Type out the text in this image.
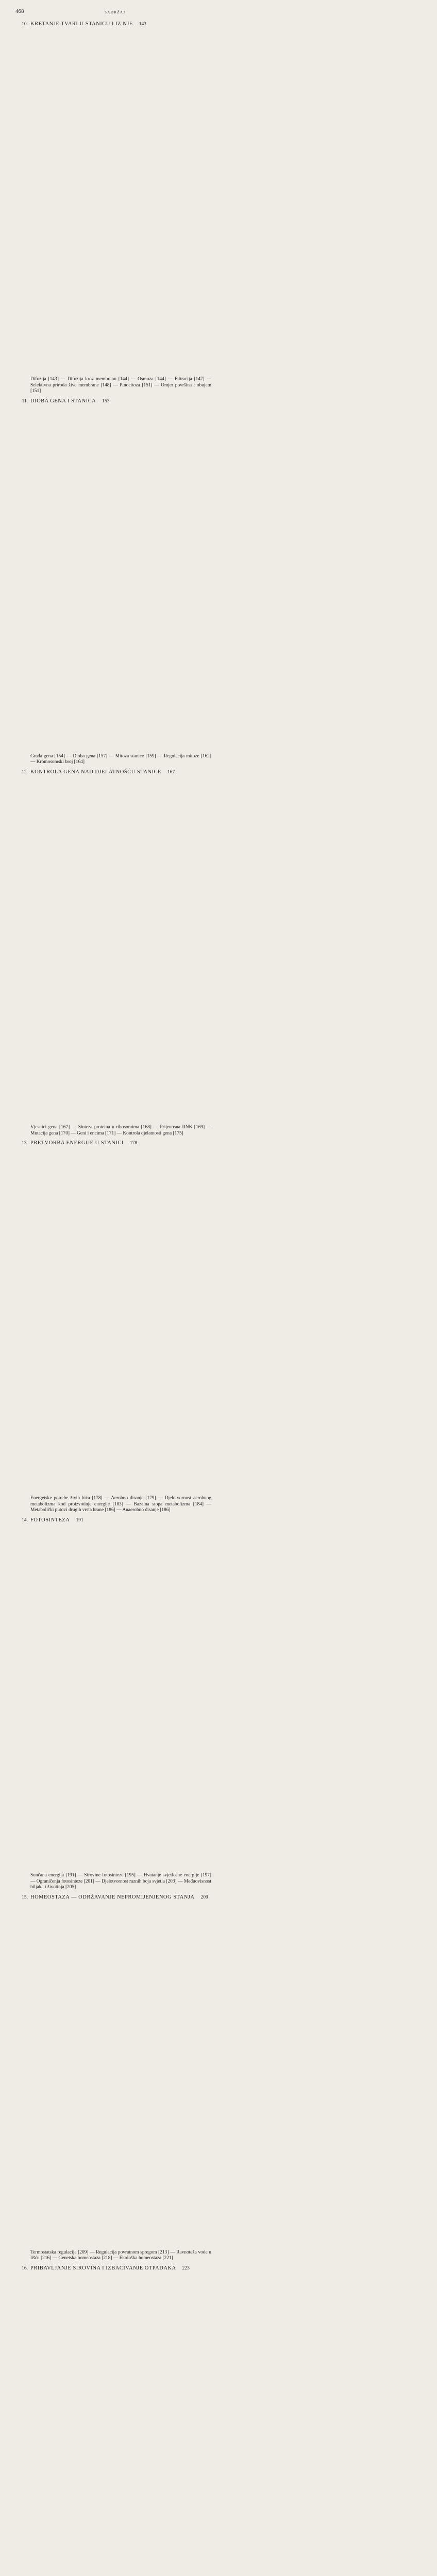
468	SADRŽAJ
10. KRETANJE TVARI U STANICU I IZ NJE 143
Difuzija [143] — Difuzija kroz membranu [144] — Osmoza [144] — Filtracija [147] — Selektivna priroda žive membrane [148] — Pinocitoza [151] — Omjer površina : obujam [151]
11. DIOBA GENA I STANICA 153
Građa gena [154] — Dioba gena [157] — Mitoza stanice [159] — Regulacija mitoze [162] — Kromosomski broj [164]
12. KONTROLA GENA NAD DJELATNOŠĆU STANICE 167
Vjesnici gena [167] — Sinteza proteina u ribosomima [168] — Prijenosna RNK [169] — Mutacija gena [170] — Geni i encima [171] — Kontrola djelatnosti gena [175]
13. PRETVORBA ENERGIJE U STANICI 178
Energetske potrebe živih bića [178] — Aerobno disanje [179] — Djelotvornost aerobnog metabolizma kod proizvodnje energije [183] — Bazalna stopa metabolizma [184] — Metabolički putovi drugih vrsta hrane [186] — Anaerobno disanje [186]
14. FOTOSINTEZA 191
Sunčana energija [191] — Sirovine fotosinteze [195] — Hvatanje svjetlosne energije [197] — Ograničenja fotosinteze [201] — Djelotvornost raznih boja svjetla [203] — Međuovisnost biljaka i životinja [205]
15. HOMEOSTAZA — ODRŽAVANJE NEPROMIJENJENOG STANJA 209
Termostatska regulacija [209] — Regulacija povratnom spregom [213] — Ravnoteža vode u lišću [216] — Genetska homeostaza [218] — Ekološka homeostaza [221]
16. PRIBAVLJANJE SIROVINA I IZBACIVANJE OTPADAKA 223
